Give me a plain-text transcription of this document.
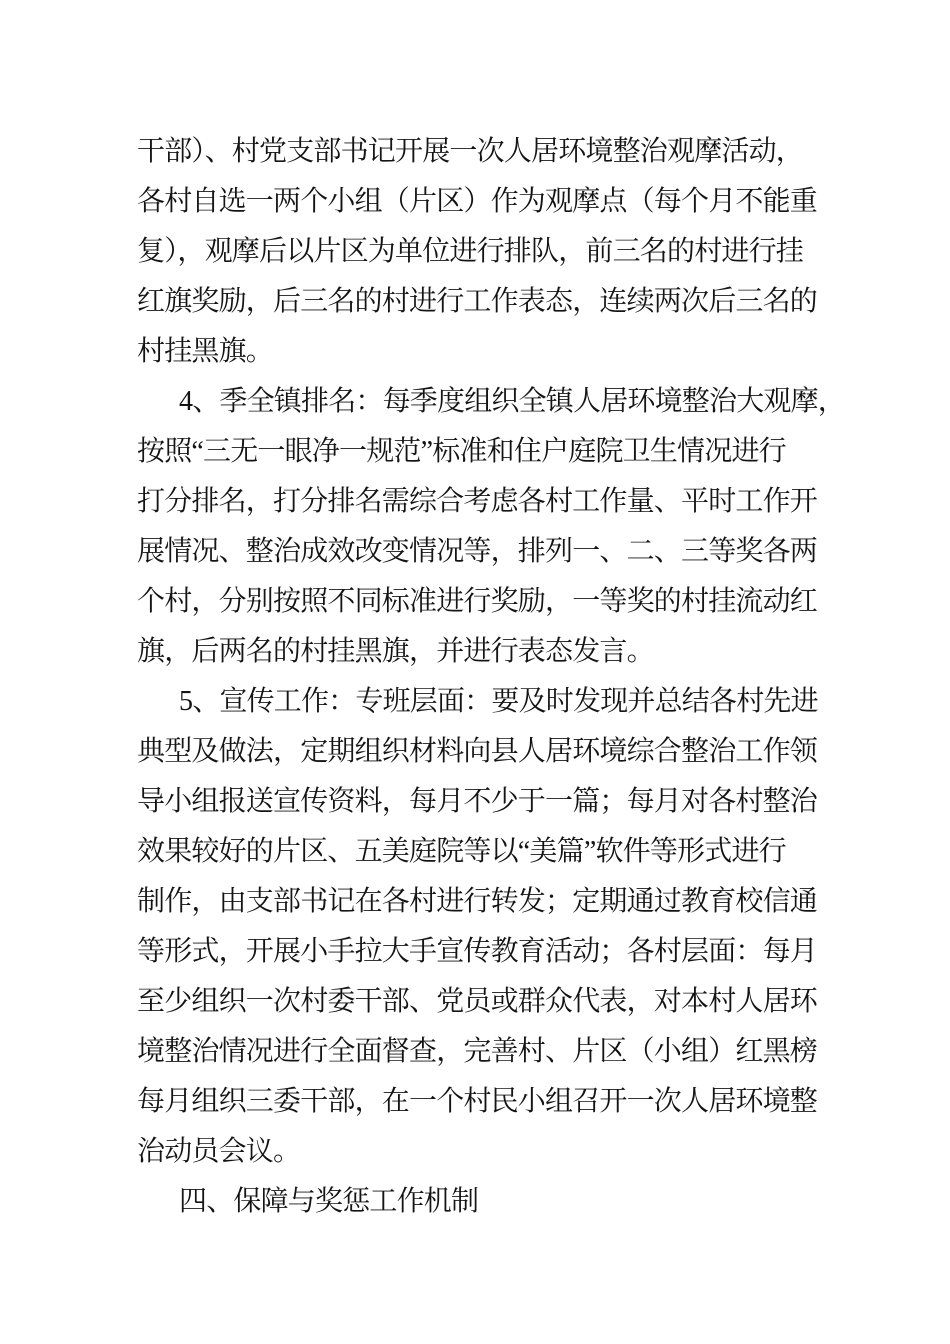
干部）、村党支部书记开展一次人居环境整治观摩活动，
各村自选一两个小组（片区）作为观摩点（每个月不能重
复），观摩后以片区为单位进行排队，前三名的村进行挂
红旗奖励，后三名的村进行工作表态，连续两次后三名的
村挂黑旗。

4、季全镇排名：每季度组织全镇人居环境整治大观摩，
按照“三无一眼净一规范”标准和住户庭院卫生情况进行
打分排名，打分排名需综合考虑各村工作量、平时工作开
展情况、整治成效改变情况等，排列一、二、三等奖各两
个村，分别按照不同标准进行奖励，一等奖的村挂流动红
旗，后两名的村挂黑旗，并进行表态发言。

5、宣传工作：专班层面：要及时发现并总结各村先进
典型及做法，定期组织材料向县人居环境综合整治工作领
导小组报送宣传资料，每月不少于一篇；每月对各村整治
效果较好的片区、五美庭院等以“美篇”软件等形式进行
制作，由支部书记在各村进行转发；定期通过教育校信通
等形式，开展小手拉大手宣传教育活动；各村层面：每月
至少组织一次村委干部、党员或群众代表，对本村人居环
境整治情况进行全面督查，完善村、片区（小组）红黑榜
每月组织三委干部，在一个村民小组召开一次人居环境整
治动员会议。

四、保障与奖惩工作机制
